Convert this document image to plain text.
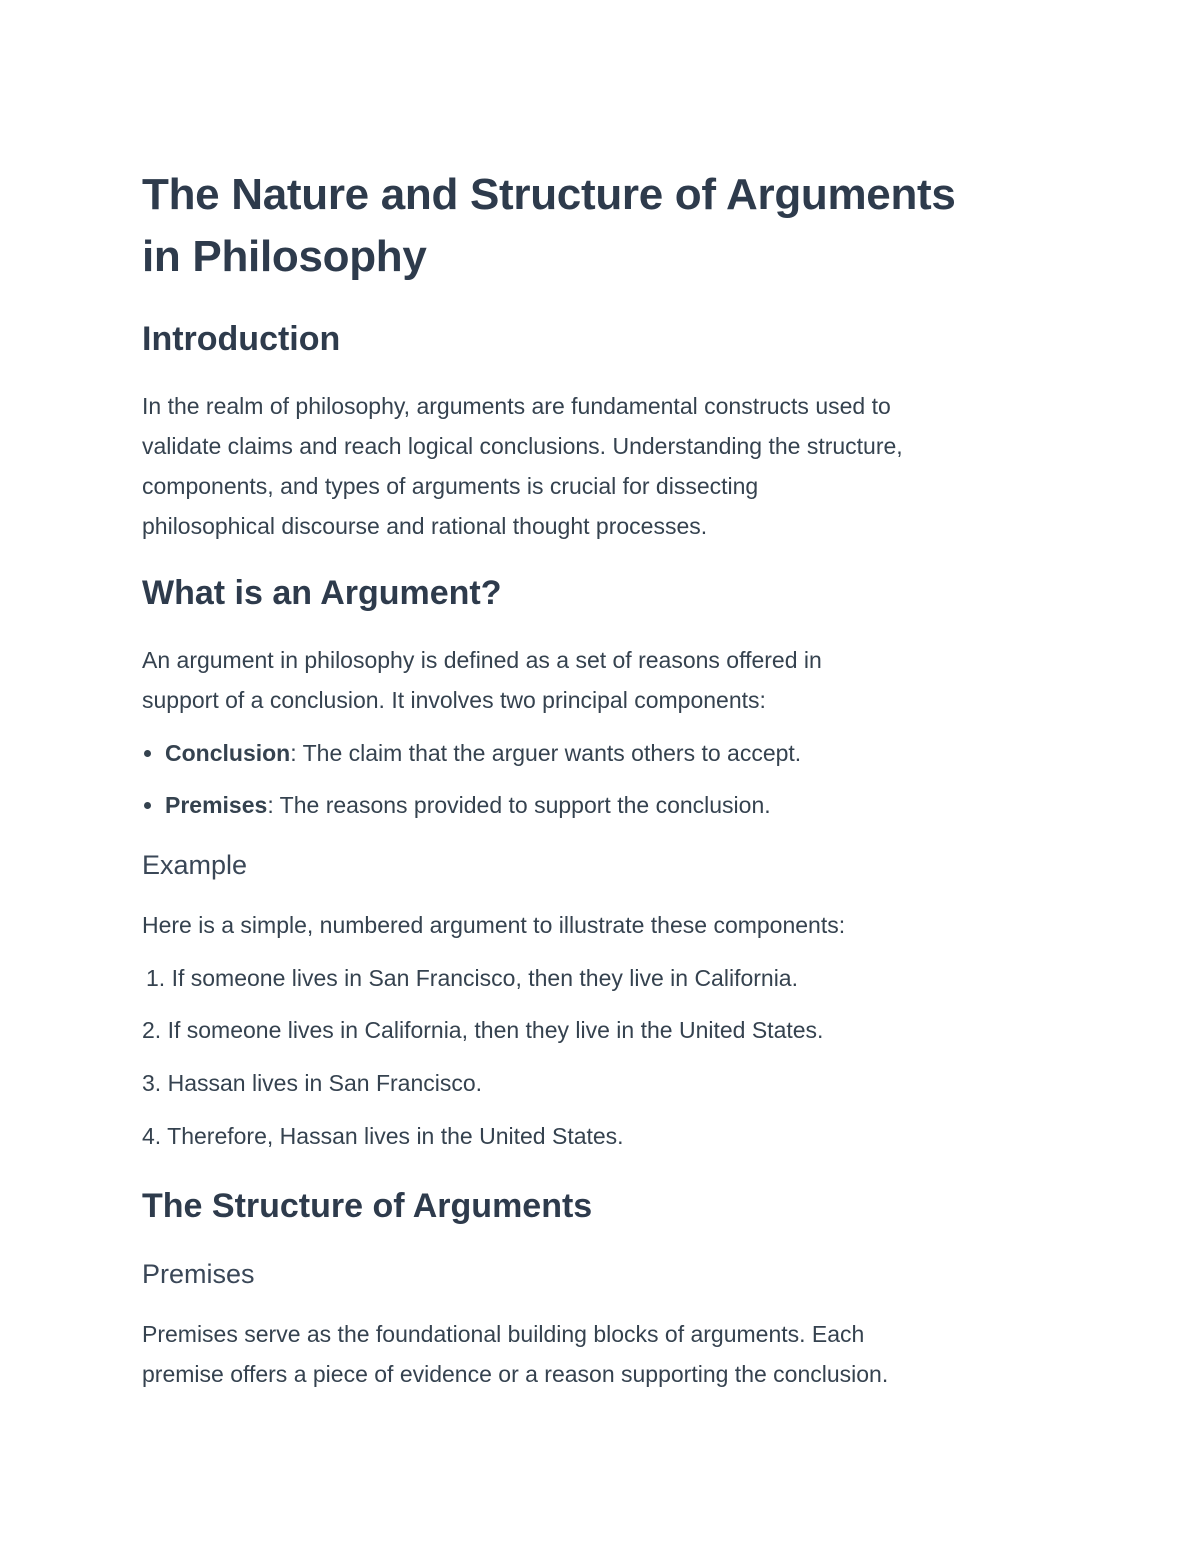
The Nature and Structure of Arguments
in Philosophy
Introduction
In the realm of philosophy, arguments are fundamental constructs used to
validate claims and reach logical conclusions. Understanding the structure,
components, and types of arguments is crucial for dissecting
philosophical discourse and rational thought processes.
What is an Argument?
An argument in philosophy is defined as a set of reasons offered in
support of a conclusion. It involves two principal components:
Conclusion: The claim that the arguer wants others to accept.
Premises: The reasons provided to support the conclusion.
Example
Here is a simple, numbered argument to illustrate these components:
1. If someone lives in San Francisco, then they live in California.
2. If someone lives in California, then they live in the United States.
3. Hassan lives in San Francisco.
4. Therefore, Hassan lives in the United States.
The Structure of Arguments
Premises
Premises serve as the foundational building blocks of arguments. Each
premise offers a piece of evidence or a reason supporting the conclusion.
